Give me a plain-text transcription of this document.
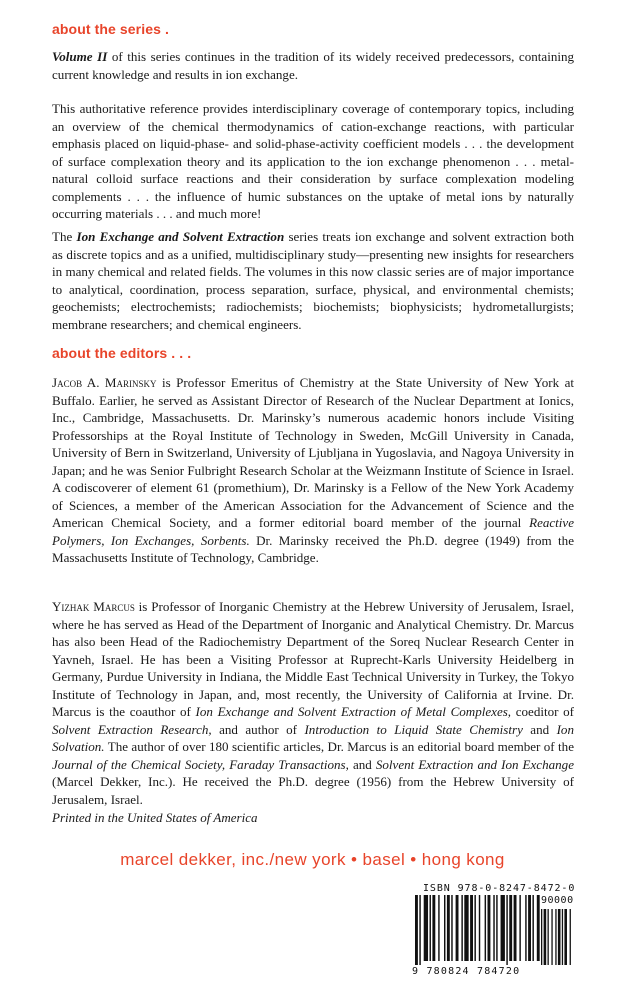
about the series .
Volume II of this series continues in the tradition of its widely received predecessors, containing current knowledge and results in ion exchange.
This authoritative reference provides interdisciplinary coverage of contemporary topics, including an overview of the chemical thermodynamics of cation-exchange reactions, with particular emphasis placed on liquid-phase- and solid-phase-activity coefficient models . . . the development of surface complexation theory and its application to the ion exchange phenomenon . . . metal-natural colloid surface reactions and their consideration by surface complexation modeling complements . . . the influence of humic substances on the uptake of metal ions by naturally occurring materials . . . and much more!
The Ion Exchange and Solvent Extraction series treats ion exchange and solvent extraction both as discrete topics and as a unified, multidisciplinary study—presenting new insights for researchers in many chemical and related fields. The volumes in this now classic series are of major importance to analytical, coordination, process separation, surface, physical, and environmental chemists; geochemists; electrochemists; radiochemists; biochemists; biophysicists; hydrometallurgists; membrane researchers; and chemical engineers.
about the editors . . .
Jacob A. Marinsky is Professor Emeritus of Chemistry at the State University of New York at Buffalo. Earlier, he served as Assistant Director of Research of the Nuclear Department at Ionics, Inc., Cambridge, Massachusetts. Dr. Marinsky’s numerous academic honors include Visiting Professorships at the Royal Institute of Technology in Sweden, McGill University in Canada, University of Bern in Switzerland, University of Ljubljana in Yugoslavia, and Nagoya University in Japan; and he was Senior Fulbright Research Scholar at the Weizmann Institute of Science in Israel. A codiscoverer of element 61 (promethium), Dr. Marinsky is a Fellow of the New York Academy of Sciences, a member of the American Association for the Advancement of Science and the American Chemical Society, and a former editorial board member of the journal Reactive Polymers, Ion Exchanges, Sorbents. Dr. Marinsky received the Ph.D. degree (1949) from the Massachusetts Institute of Technology, Cambridge.
Yizhak Marcus is Professor of Inorganic Chemistry at the Hebrew University of Jerusalem, Israel, where he has served as Head of the Department of Inorganic and Analytical Chemistry. Dr. Marcus has also been Head of the Radiochemistry Department of the Soreq Nuclear Research Center in Yavneh, Israel. He has been a Visiting Professor at Ruprecht-Karls University Heidelberg in Germany, Purdue University in Indiana, the Middle East Technical University in Turkey, the Tokyo Institute of Technology in Japan, and, most recently, the University of California at Irvine. Dr. Marcus is the coauthor of Ion Exchange and Solvent Extraction of Metal Complexes, coeditor of Solvent Extraction Research, and author of Introduction to Liquid State Chemistry and Ion Solvation. The author of over 180 scientific articles, Dr. Marcus is an editorial board member of the Journal of the Chemical Society, Faraday Transactions, and Solvent Extraction and Ion Exchange (Marcel Dekker, Inc.). He received the Ph.D. degree (1956) from the Hebrew University of Jerusalem, Israel.
Printed in the United States of America
marcel dekker, inc./new york • basel • hong kong
ISBN 978-0-8247-8472-0
90000
9 780824 784720
